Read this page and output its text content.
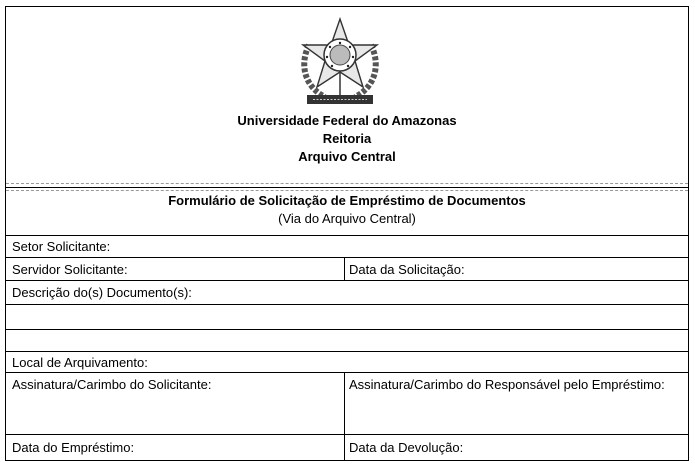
Universidade Federal do Amazonas
Reitoria
Arquivo Central
Formulário de Solicitação de Empréstimo de Documentos
(Via do Arquivo Central)
Setor Solicitante:
Servidor Solicitante:	Data da Solicitação:
Descrição do(s) Documento(s):
Local de Arquivamento:
Assinatura/Carimbo do Solicitante:	Assinatura/Carimbo do Responsável pelo Empréstimo:
Data do Empréstimo:	Data da Devolução:
